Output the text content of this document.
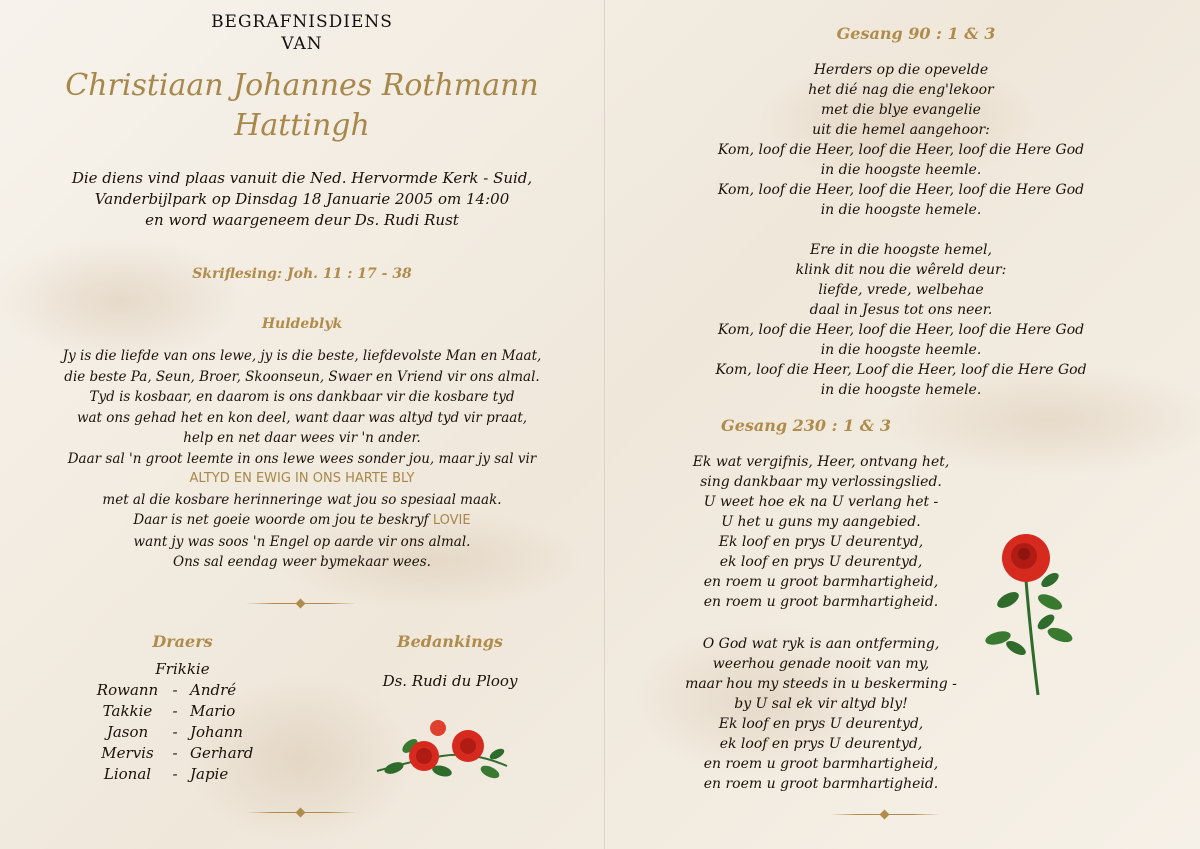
BEGRAFNISDIENS
VAN
Christiaan Johannes Rothmann
Hattingh
Die diens vind plaas vanuit die Ned. Hervormde Kerk - Suid,
Vanderbijlpark op Dinsdag 18 Januarie 2005 om 14:00
en word waargeneem deur Ds. Rudi Rust
Skriflesing: Joh. 11 : 17 - 38
Huldeblyk
Jy is die liefde van ons lewe, jy is die beste, liefdevolste Man en Maat,
die beste Pa, Seun, Broer, Skoonseun, Swaer en Vriend vir ons almal.
Tyd is kosbaar, en daarom is ons dankbaar vir die kosbare tyd
wat ons gehad het en kon deel, want daar was altyd tyd vir praat,
help en net daar wees vir 'n ander.
Daar sal 'n groot leemte in ons lewe wees sonder jou, maar jy sal vir
ALTYD EN EWIG IN ONS HARTE BLY
met al die kosbare herinneringe wat jou so spesiaal maak.
Daar is net goeie woorde om jou te beskryf LOVIE
want jy was soos 'n Engel op aarde vir ons almal.
Ons sal eendag weer bymekaar wees.
Draers
Frikkie
Rowann - André
Takkie	- Mario
Jason	- Johann
Mervis	- Gerhard
Lional	- Japie
Bedankings
Ds. Rudi du Plooy
Gesang 90 : 1 & 3
Herders op die opevelde
het dié nag die eng'lekoor
met die blye evangelie
uit die hemel aangehoor:
Kom, loof die Heer, loof die Heer, loof die Here God
in die hoogste heemle.
Kom, loof die Heer, loof die Heer, loof die Here God
in die hoogste hemele.
Ere in die hoogste hemel,
klink dit nou die wêreld deur:
liefde, vrede, welbehae
daal in Jesus tot ons neer.
Kom, loof die Heer, loof die Heer, loof die Here God
in die hoogste heemle.
Kom, loof die Heer, Loof die Heer, loof die Here God
in die hoogste hemele.
Gesang 230 : 1 & 3
Ek wat vergifnis, Heer, ontvang het,
sing dankbaar my verlossingslied.
U weet hoe ek na U verlang het -
U het u guns my aangebied.
Ek loof en prys U deurentyd,
ek loof en prys U deurentyd,
en roem u groot barmhartigheid,
en roem u groot barmhartigheid.
O God wat ryk is aan ontferming,
weerhou genade nooit van my,
maar hou my steeds in u beskerming -
by U sal ek vir altyd bly!
Ek loof en prys U deurentyd,
ek loof en prys U deurentyd,
en roem u groot barmhartigheid,
en roem u groot barmhartigheid.
